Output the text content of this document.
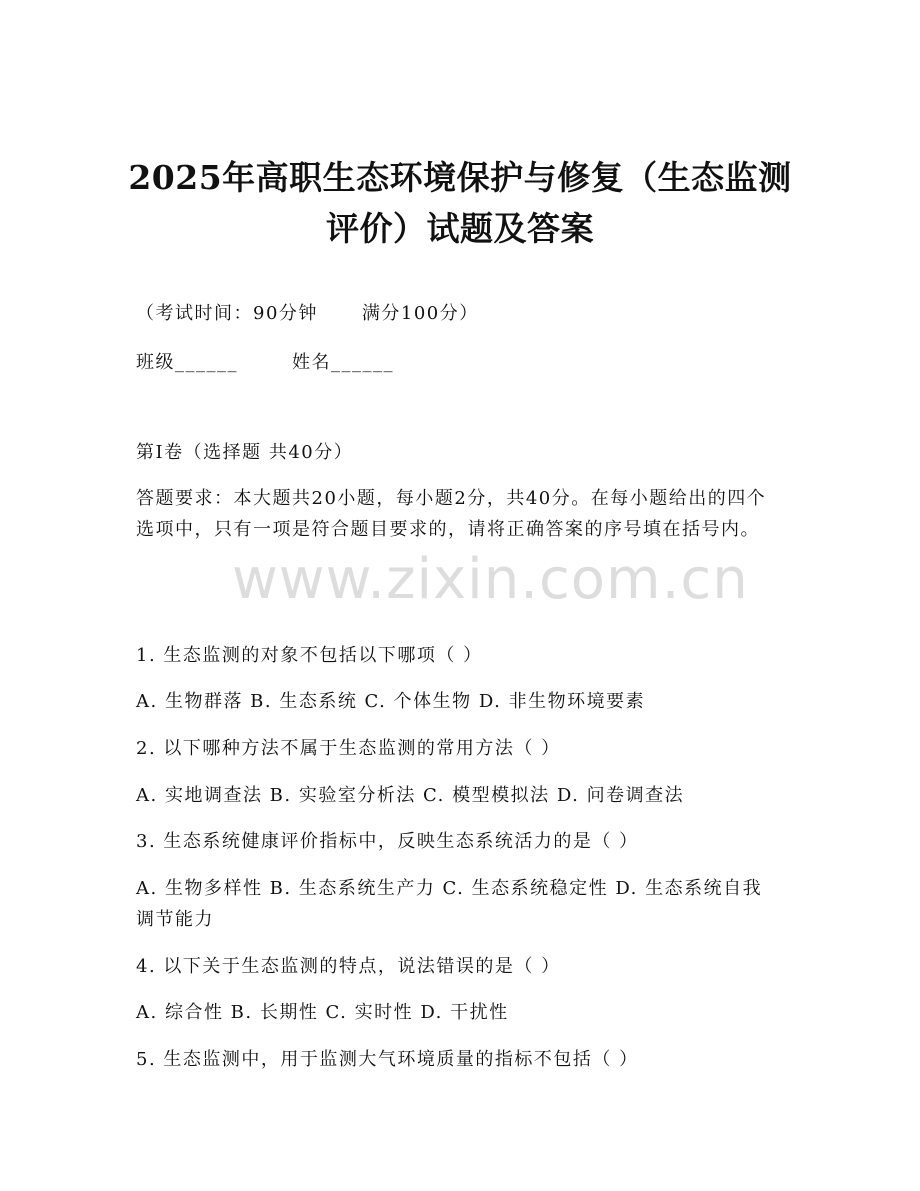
2025年高职生态环境保护与修复（生态监测
评价）试题及答案
（考试时间：90分钟 满分100分）
班级______	姓名______
第I卷（选择题 共40分）
答题要求：本大题共20小题，每小题2分，共40分。在每小题给出的四个选项中，只有一项是符合题目要求的，请将正确答案的序号填在括号内。
1. 生态监测的对象不包括以下哪项（ ）
A. 生物群落 B. 生态系统 C. 个体生物 D. 非生物环境要素
2. 以下哪种方法不属于生态监测的常用方法（ ）
A. 实地调查法 B. 实验室分析法 C. 模型模拟法 D. 问卷调查法
3. 生态系统健康评价指标中，反映生态系统活力的是（ ）
A. 生物多样性 B. 生态系统生产力 C. 生态系统稳定性 D. 生态系统自我调节能力
4. 以下关于生态监测的特点，说法错误的是（ ）
A. 综合性 B. 长期性 C. 实时性 D. 干扰性
5. 生态监测中，用于监测大气环境质量的指标不包括（ ）
www.zixin.com.cn
